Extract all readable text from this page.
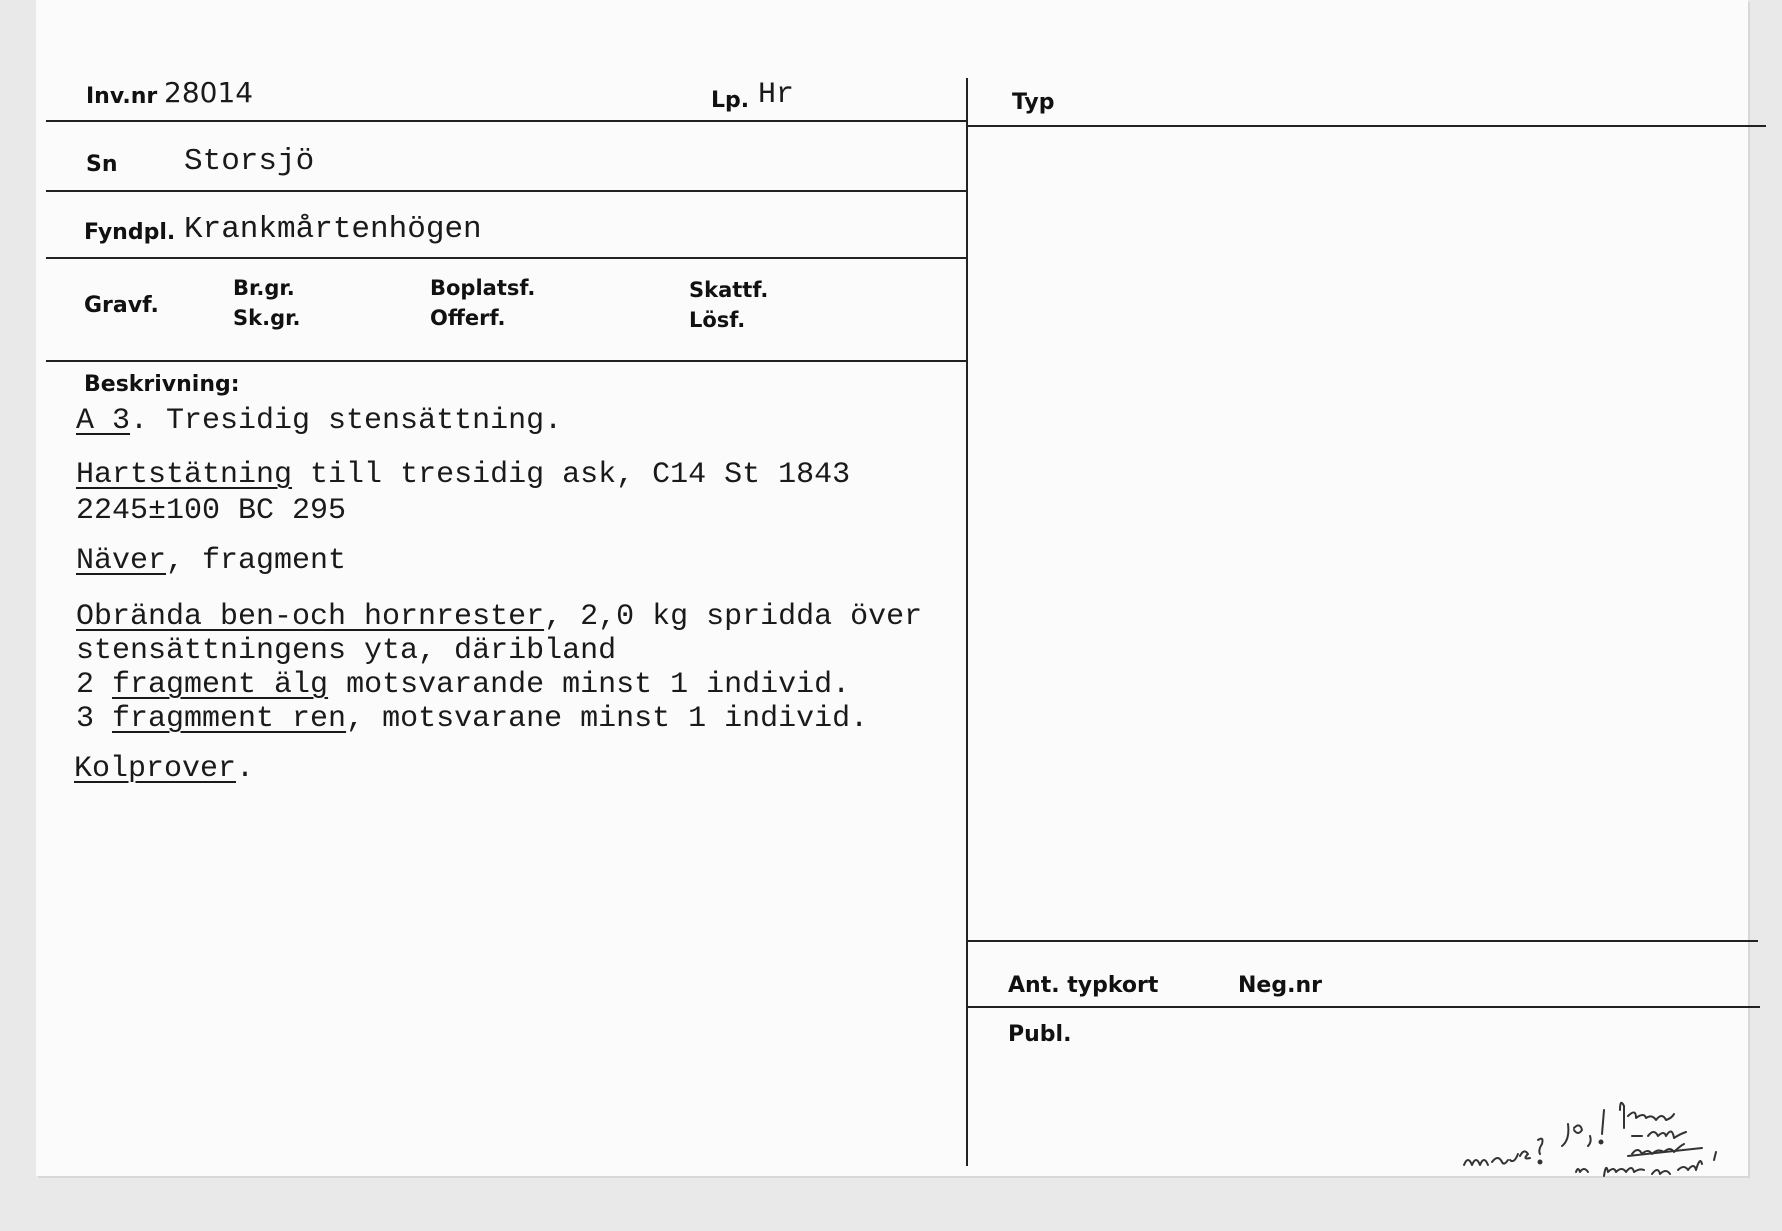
Inv.nr 28014	Lp. Hr
Sn Storsjö
Fyndpl. Krankmårtenhögen
Gravf.
Br.gr.
Sk.gr.
Boplatsf.
Offerf.
Skattf.
Lösf.
Beskrivning:
A 3. Tresidig stensättning.
Hartstätning till tresidig ask, C14 St 1843
2245±100 BC 295
Näver, fragment
Obrända ben-och hornrester, 2,0 kg spridda över
stensättningens yta, däribland
2 fragment älg motsvarande minst 1 individ.
3 fragmment ren, motsvarane minst 1 individ.
Kolprover.
Typ
Ant. typkort	Neg.nr
Publ.
